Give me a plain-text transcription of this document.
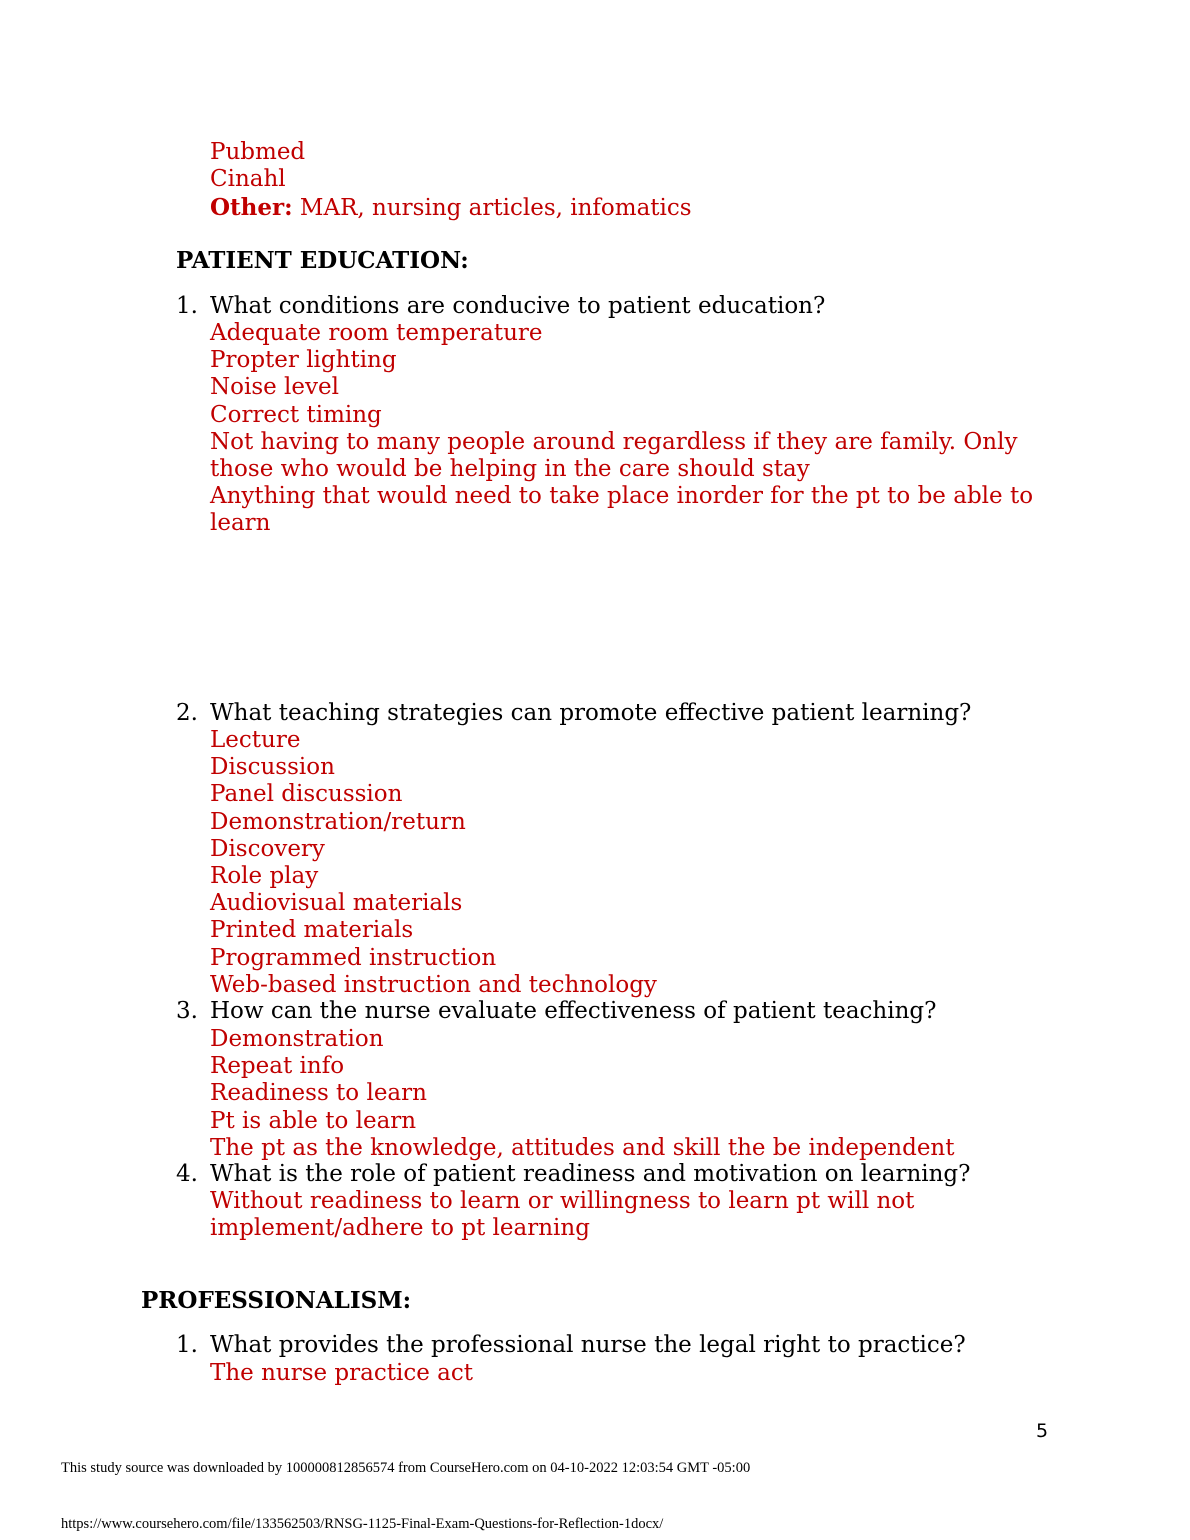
Pubmed
Cinahl
Other: MAR, nursing articles, infomatics
PATIENT EDUCATION:
1. What conditions are conducive to patient education?
Adequate room temperature
Propter lighting
Noise level
Correct timing
Not having to many people around regardless if they are family. Only those who would be helping in the care should stay
Anything that would need to take place inorder for the pt to be able to learn
2. What teaching strategies can promote effective patient learning?
Lecture
Discussion
Panel discussion
Demonstration/return
Discovery
Role play
Audiovisual materials
Printed materials
Programmed instruction
Web-based instruction and technology
3. How can the nurse evaluate effectiveness of patient teaching?
Demonstration
Repeat info
Readiness to learn
Pt is able to learn
The pt as the knowledge, attitudes and skill the be independent
4. What is the role of patient readiness and motivation on learning?
Without readiness to learn or willingness to learn pt will not implement/adhere to pt learning
PROFESSIONALISM:
1. What provides the professional nurse the legal right to practice?
The nurse practice act
5
This study source was downloaded by 100000812856574 from CourseHero.com on 04-10-2022 12:03:54 GMT -05:00
https://www.coursehero.com/file/133562503/RNSG-1125-Final-Exam-Questions-for-Reflection-1docx/
